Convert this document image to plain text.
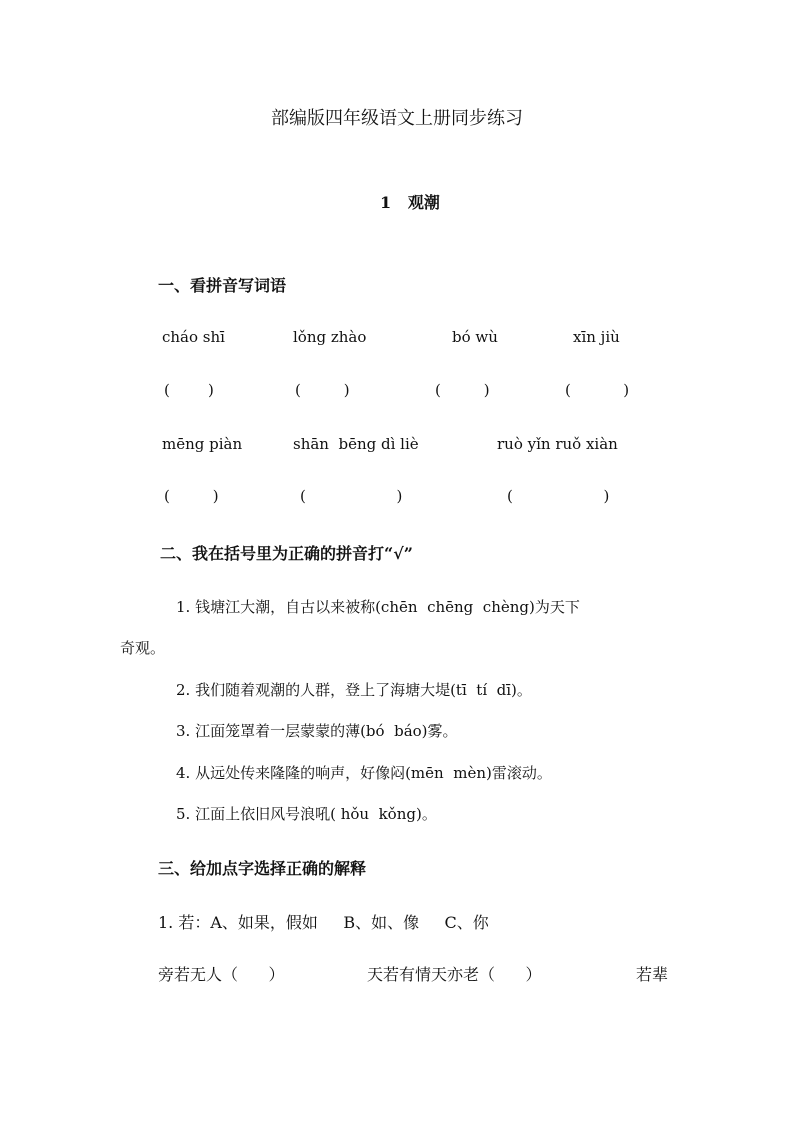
部编版四年级语文上册同步练习
1   观潮
一、看拼音写词语
cháo shī	lǒng zhào	bó wù	xīn jiù
(        )	(         )	(         )	(           )
mēng piàn	shān  bēng dì liè	ruò yǐn ruǒ xiàn
(         )	(                   )	(                   )
二、我在括号里为正确的拼音打“√”
1. 钱塘江大潮，自古以来被称(chēn  chēng  chèng)为天下
奇观。
2. 我们随着观潮的人群，登上了海塘大堤(tī  tí  dī)。
3. 江面笼罩着一层蒙蒙的薄(bó  báo)雾。
4. 从远处传来隆隆的响声，好像闷(mēn  mèn)雷滚动。
5. 江面上依旧风号浪吼( hǒu  kǒng)。
三、给加点字选择正确的解释
1. 若：A、如果，假如     B、如、像     C、你
旁若无人（      ）	天若有情天亦老（      ）	若辈
